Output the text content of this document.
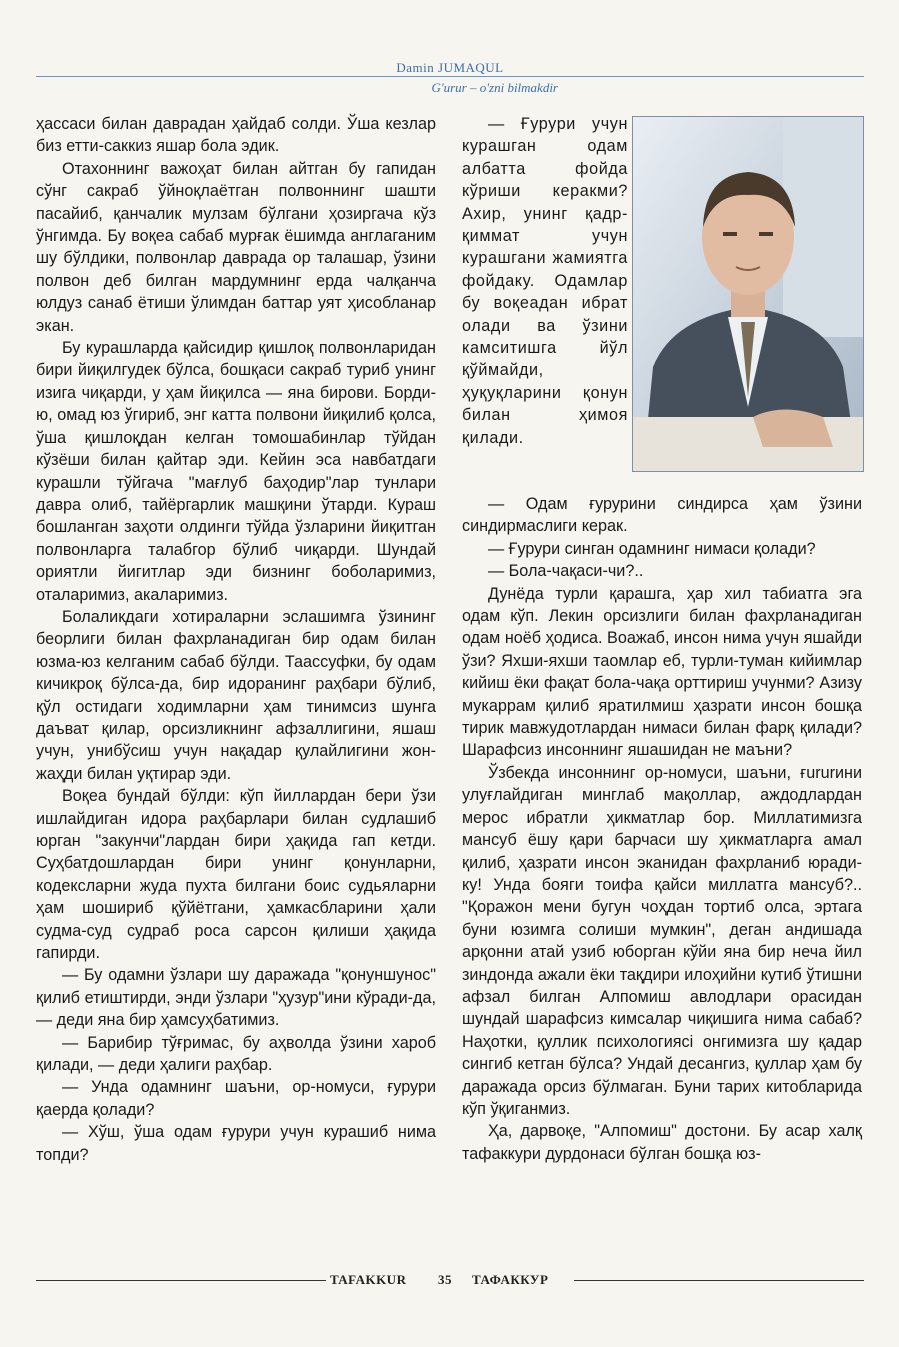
Damin JUMAQUL
G'urur – o'zni bilmakdir

ҳассаси билан даврадан ҳайдаб солди. Ўша кезлар биз етти-саккиз яшар бола эдик.

Отахоннинг важоҳат билан айтган бу гапидан сўнг сакраб ўйноқлаётган полвоннинг шашти пасайиб, қанчалик мулзам бўлгани ҳозиргача кўз ўнгимда. Бу воқеа сабаб мурғак ёшимда англаганим шу бўлдики, полвонлар даврада ор талашар, ўзини полвон деб билган мардумнинг ерда чалқанча юлдуз санаб ётиши ўлимдан баттар уят ҳисобланар экан.

Бу курашларда қайсидир қишлоқ полвонларидан бири йиқилгудек бўлса, бошқаси сакраб туриб унинг изига чиқарди, у ҳам йиқилса — яна бирови. Борди-ю, омад юз ўгириб, энг катта полвони йиқилиб қолса, ўша қишлоқдан келган томошабинлар тўйдан кўзёши билан қайтар эди. Кейин эса навбатдаги курашли тўйгача "мағлуб баҳодир"лар тунлари давра олиб, тайёргарлик машқини ўтарди. Кураш бошланган заҳоти олдинги тўйда ўзларини йиқитган полвонларга талабгор бўлиб чиқарди. Шундай ориятли йигитлар эди бизнинг боболаримиз, оталаримиз, акаларимиз.

Болаликдаги хотираларни эслашимга ўзининг беорлиги билан фахрланадиган бир одам билан юзма-юз келганим сабаб бўлди. Таассуфки, бу одам кичикроқ бўлса-да, бир идоранинг раҳбари бўлиб, қўл остидаги ходимларни ҳам тинимсиз шунга даъват қилар, орсизликнинг афзаллигини, яшаш учун, унибўсиш учун нақадар қулайлигини жон-жаҳди билан уқтирар эди.

Воқеа бундай бўлди: кўп йиллардан бери ўзи ишлайдиган идора раҳбарлари билан судлашиб юрган "закунчи"лардан бири ҳақида гап кетди. Суҳбатдошлардан бири унинг қонунларни, кодексларни жуда пухта билгани боис судьяларни ҳам шошириб қўйётгани, ҳамкасбларини ҳали судма-суд судраб роса сарсон қилиши ҳақида гапирди.

— Бу одамни ўзлари шу даражада "қонуншунос" қилиб етиштирди, энди ўзлари "ҳузур"ини кўради-да, — деди яна бир ҳамсуҳбатимиз.

— Барибир тўғримас, бу аҳволда ўзини хароб қилади, — деди ҳалиги раҳбар.

— Унда одамнинг шаъни, ор-номуси, ғурури қаерда қолади?

— Хўш, ўша одам ғурури учун курашиб нима топди?

— Ғурури учун курашган одам албатта фойда кўриши керакми? Ахир, унинг қадр-қиммат учун курашгани жамиятга фойдаку. Одамлар бу воқеадан ибрат олади ва ўзини камситишга йўл қўймайди, ҳуқуқларини қонун билан ҳимоя қилади.

— Одам ғурурини синдирса ҳам ўзини синдирмаслиги керак.

— Ғурури синган одамнинг нимаси қолади?

— Бола-чақаси-чи?..

Дунёда турли қарашга, ҳар хил табиатга эга одам кўп. Лекин орсизлиги билан фахрланадиган одам ноёб ҳодиса. Воажаб, инсон нима учун яшайди ўзи? Яхши-яхши таомлар еб, турли-туман кийимлар кийиш ёки фақат бола-чақа орттириш учунми? Азизу мукаррам қилиб яратилмиш ҳазрати инсон бошқа тирик мавжудотлардан нимаси билан фарқ қилади? Шарафсиз инсоннинг яшашидан не маъни?

Ўзбекда инсоннинг ор-номуси, шаъни, ғururини улуғлайдиган минглаб мақоллар, аждодлардан мерос ибратли ҳикматлар бор. Миллатимизга мансуб ёшу қари барчаси шу ҳикматларга амал қилиб, ҳазрати инсон эканидан фахрланиб юради-ку! Унда бояги тоифа қайси миллатга мансуб?.. "Қоражон мени бугун чоҳдан тортиб олса, эртага буни юзимга солиши мумкин", деган андишада арқонни атай узиб юборган кўйи яна бир неча йил зиндонда ажали ёки тақдири илоҳийни кутиб ўтишни афзал билган Алпомиш авлодлари орасидан шундай шарафсиз кимсалар чиқишига нима сабаб? Наҳотки, қуллик психологиясi онгимизга шу қадар сингиб кетган бўлса? Ундай десангиз, қуллар ҳам бу даражада орсиз бўлмаган. Буни тарих китобларида кўп ўқиганмиз.

Ҳа, дарвоқе, "Алпомиш" достони. Бу асар халқ тафаккури дурдонаси бўлган бошқа юз-

TAFAKKUR 35 ТАФАККУР
